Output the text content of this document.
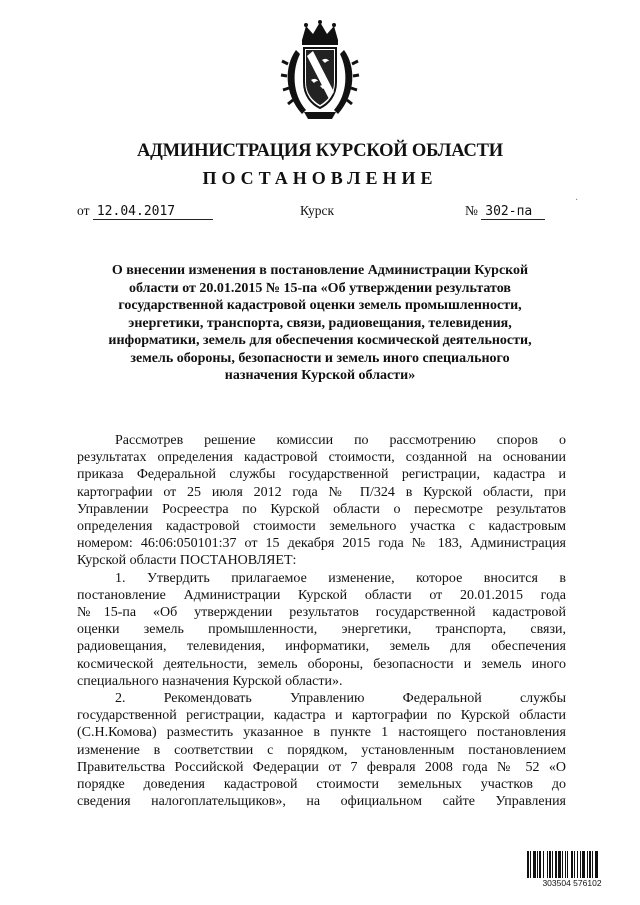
АДМИНИСТРАЦИЯ КУРСКОЙ ОБЛАСТИ
ПОСТАНОВЛЕНИЕ
от 12.04.2017	Курск	№ 302-па
·
О внесении изменения в постановление Администрации Курской
области от 20.01.2015 № 15-па «Об утверждении результатов
государственной кадастровой оценки земель промышленности,
энергетики, транспорта, связи, радиовещания, телевидения,
информатики, земель для обеспечения космической деятельности,
земель обороны, безопасности и земель иного специального
назначения Курской области»
Рассмотрев решение комиссии по рассмотрению споров о
результатах определения кадастровой стоимости, созданной на основании
приказа Федеральной службы государственной регистрации, кадастра и
картографии от 25 июля 2012 года № П/324 в Курской области, при
Управлении Росреестра по Курской области о пересмотре результатов
определения кадастровой стоимости земельного участка с кадастровым
номером: 46:06:050101:37 от 15 декабря 2015 года № 183, Администрация
Курской области ПОСТАНОВЛЯЕТ:
1. Утвердить прилагаемое изменение, которое вносится в
постановление Администрации Курской области от 20.01.2015 года
№15-па «Об утверждении результатов государственной кадастровой
оценки земель промышленности, энергетики, транспорта, связи,
радиовещания, телевидения, информатики, земель для обеспечения
космической деятельности, земель обороны, безопасности и земель иного
специального назначения Курской области».
2. Рекомендовать Управлению Федеральной службы
государственной регистрации, кадастра и картографии по Курской области
(С.Н.Комова) разместить указанное в пункте 1 настоящего постановления
изменение в соответствии с порядком, установленным постановлением
Правительства Российской Федерации от 7 февраля 2008 года № 52 «О
порядке доведения кадастровой стоимости земельных участков до
сведения налогоплательщиков», на официальном сайте Управления
303504 576102
